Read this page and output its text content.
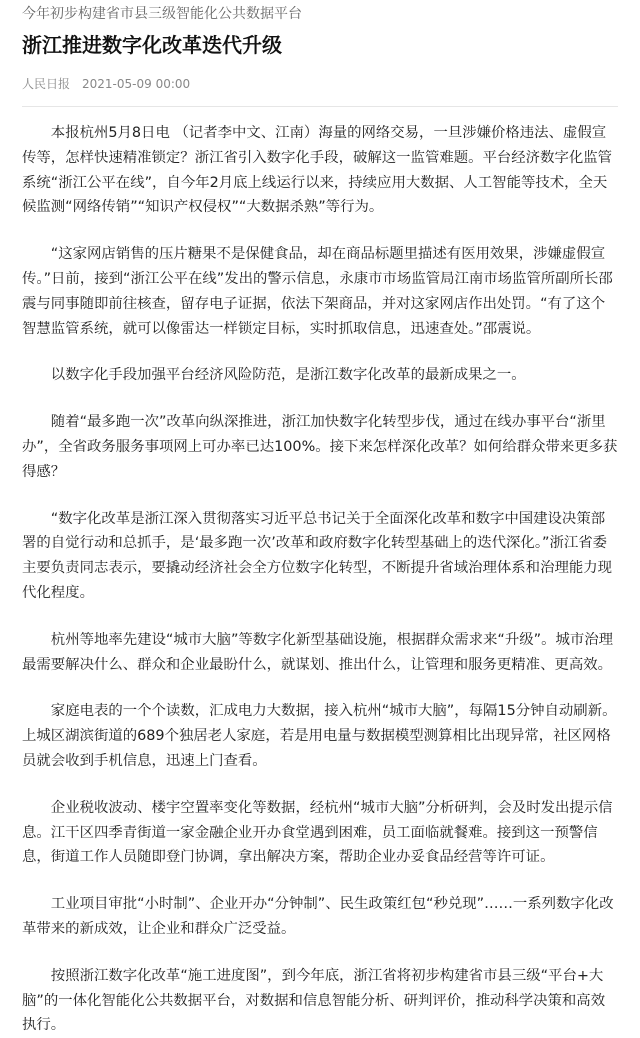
今年初步构建省市县三级智能化公共数据平台

浙江推进数字化改革迭代升级
人民日报 2021-05-09 00:00

本报杭州5月8日电 （记者李中文、江南）海量的网络交易，一旦涉嫌价格违法、虚假宣传等，怎样快速精准锁定？浙江省引入数字化手段，破解这一监管难题。平台经济数字化监管系统“浙江公平在线”，自今年2月底上线运行以来，持续应用大数据、人工智能等技术，全天候监测“网络传销”“知识产权侵权”“大数据杀熟”等行为。

“这家网店销售的压片糖果不是保健食品，却在商品标题里描述有医用效果，涉嫌虚假宣传。”日前，接到“浙江公平在线”发出的警示信息，永康市市场监管局江南市场监管所副所长邵震与同事随即前往核查，留存电子证据，依法下架商品，并对这家网店作出处罚。“有了这个智慧监管系统，就可以像雷达一样锁定目标，实时抓取信息，迅速查处。”邵震说。

以数字化手段加强平台经济风险防范，是浙江数字化改革的最新成果之一。

随着“最多跑一次”改革向纵深推进，浙江加快数字化转型步伐，通过在线办事平台“浙里办”，全省政务服务事项网上可办率已达100%。接下来怎样深化改革？如何给群众带来更多获得感？

“数字化改革是浙江深入贯彻落实习近平总书记关于全面深化改革和数字中国建设决策部署的自觉行动和总抓手，是‘最多跑一次’改革和政府数字化转型基础上的迭代深化。”浙江省委主要负责同志表示，要撬动经济社会全方位数字化转型，不断提升省域治理体系和治理能力现代化程度。

杭州等地率先建设“城市大脑”等数字化新型基础设施，根据群众需求来“升级”。城市治理最需要解决什么、群众和企业最盼什么，就谋划、推出什么，让管理和服务更精准、更高效。

家庭电表的一个个读数，汇成电力大数据，接入杭州“城市大脑”，每隔15分钟自动刷新。上城区湖滨街道的689个独居老人家庭，若是用电量与数据模型测算相比出现异常，社区网格员就会收到手机信息，迅速上门查看。

企业税收波动、楼宇空置率变化等数据，经杭州“城市大脑”分析研判，会及时发出提示信息。江干区四季青街道一家金融企业开办食堂遇到困难，员工面临就餐难。接到这一预警信息，街道工作人员随即登门协调，拿出解决方案，帮助企业办妥食品经营等许可证。

工业项目审批“小时制”、企业开办“分钟制”、民生政策红包“秒兑现”……一系列数字化改革带来的新成效，让企业和群众广泛受益。

按照浙江数字化改革“施工进度图”，到今年底，浙江省将初步构建省市县三级“平台+大脑”的一体化智能化公共数据平台，对数据和信息智能分析、研判评价，推动科学决策和高效执行。
